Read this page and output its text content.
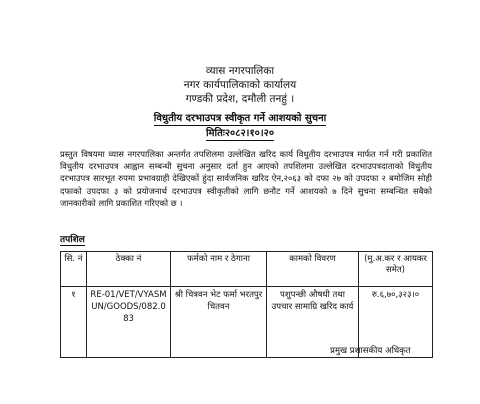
व्यास नगरपालिका
नगर कार्यपालिकाको कार्यालय
गण्डकी प्रदेश, दमौली तनहुं ।
विधुतीय दरभाउपत्र स्वीकृत गर्ने आशयको सुचना
मितिः२०८२।१०।२०
प्रस्तुत विषयमा व्यास नगरपालिका अन्तर्गत तपशिलमा उल्लेखित खरिद कार्य विधुतीय दरभाउपत्र मार्फत गर्न गरी प्रकाशित विधुतीय दरभाउपत्र आह्वान सम्बन्धी सुचना अनुसार दर्ता हुन आएको तपशिलमा उल्लेखित दरभाउपत्रदाताको विधुतीय दरभाउपत्र सारभूत रुपमा प्रभावग्राही देखिएकों हुंदा सार्वजनिक खरिद ऐन,२०६३ को दफा २७ को उपदफा २ बमोजिम सोही दफाको उपदफा ३ को प्रयोजनार्थ दरभाउपत्र स्वीकृतीको लागि छनौट गर्ने आशयको ७ दिने सुचना सम्बन्धित सबैको जानकारीको लागि प्रकाशित गरिएको छ ।
तपशिल
सि. नं	ठेक्का नं	फर्मको नाम र ठेगाना	कामको विवरण	(मु.अ.कर र आयकर समेत)
१	RE-01/VET/VYASMUN/GOODS/082.083	श्री चित्रवन भेट फर्मा भरतपुर चितवन	पशुपन्छी औषधी तथा उपचार सामाग्रि खरिद कार्य	रु.६,७०,३२३।०
प्रमुख प्रशासकीय अधिकृत
